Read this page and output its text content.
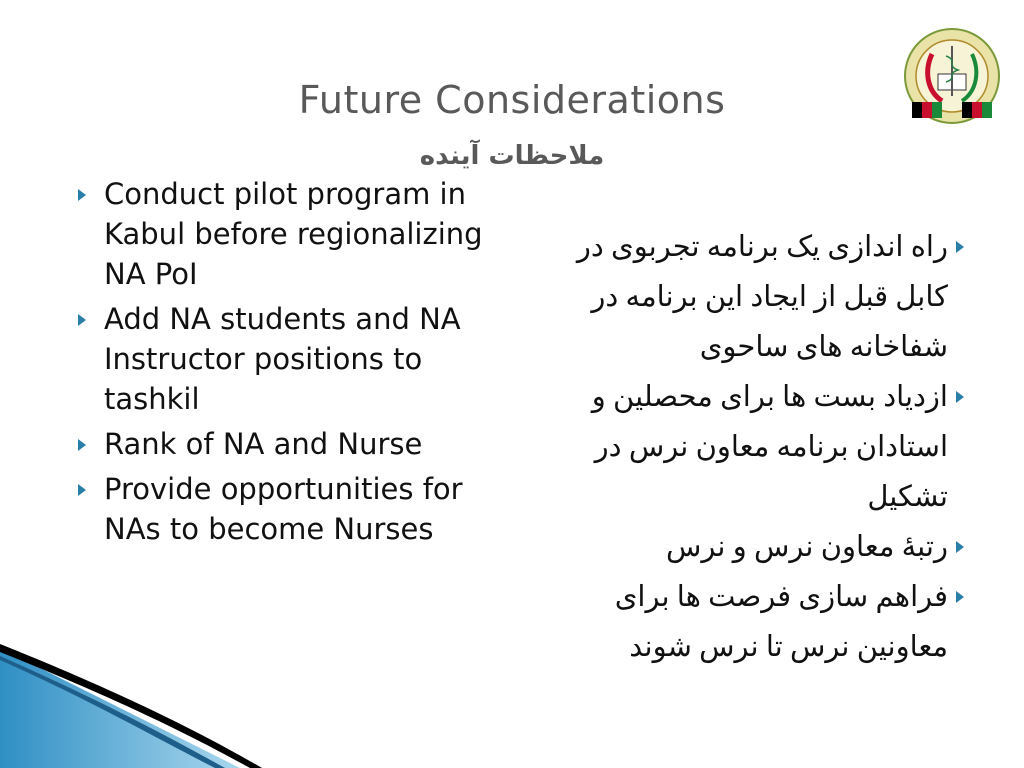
Future Considerations
ملاحظات آینده
Conduct pilot program in Kabul before regionalizing NA PoI
Add NA students and NA Instructor positions to tashkil
Rank of NA and Nurse
Provide opportunities for NAs to become Nurses
راه اندازی یک برنامه تجربوی در کابل قبل از ایجاد این برنامه در شفاخانه های ساحوی
ازدیاد بست ها برای محصلین و استادان برنامه معاون نرس در تشکیل
رتبۀ معاون نرس و نرس
فراهم سازی فرصت ها برای معاونین نرس تا نرس شوند
